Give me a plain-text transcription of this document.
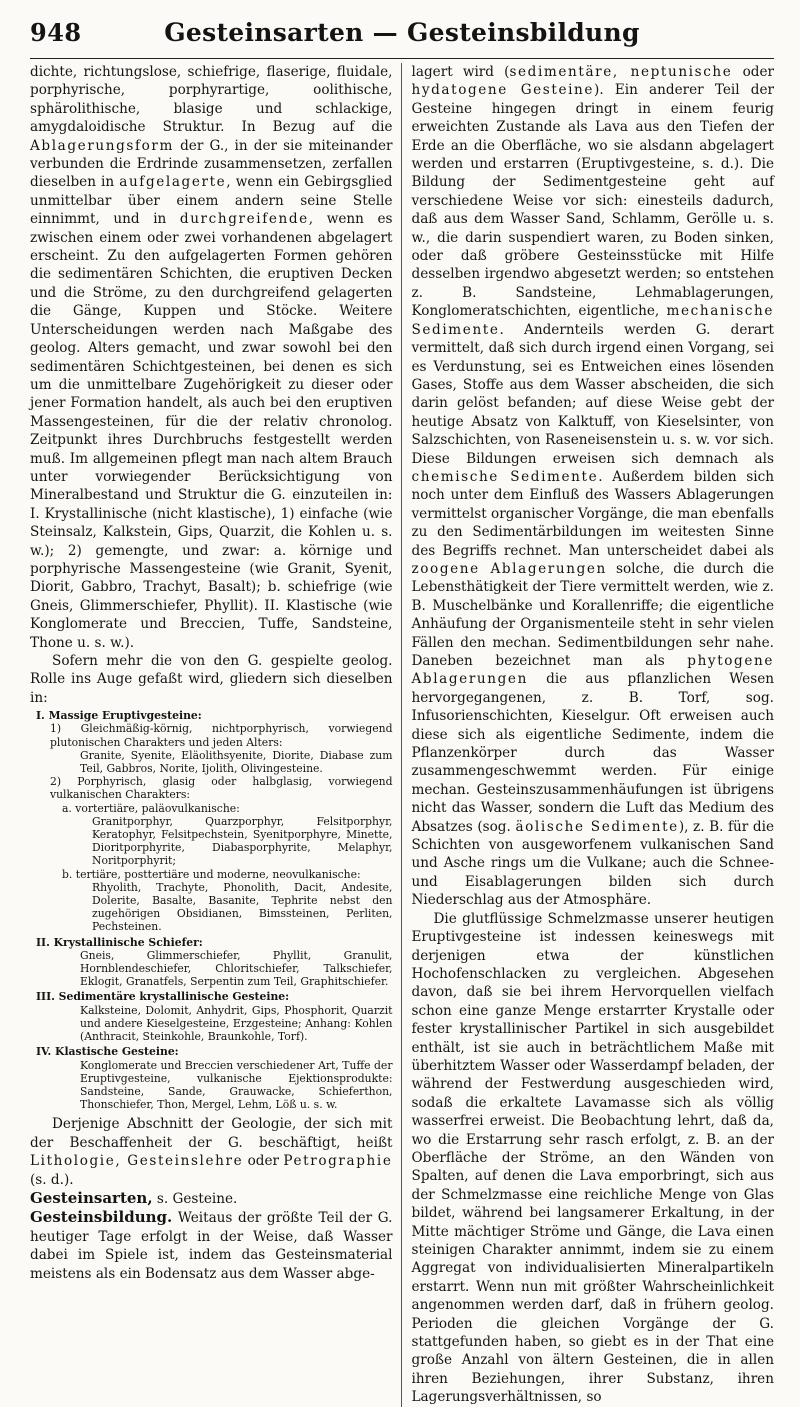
948	Gesteinsarten — Gesteinsbildung

dichte, richtungslose, schiefrige, flaserige, fluidale, porphyrische, porphyrartige, oolithische, sphärolithische, blasige und schlackige, amygdaloidische Struktur. In Bezug auf die Ablagerungsform der G., in der sie miteinander verbunden die Erdrinde zusammensetzen, zerfallen dieselben in aufgelagerte, wenn ein Gebirgsglied unmittelbar über einem andern seine Stelle einnimmt, und in durchgreifende, wenn es zwischen einem oder zwei vorhandenen abgelagert erscheint. Zu den aufgelagerten Formen gehören die sedimentären Schichten, die eruptiven Decken und die Ströme, zu den durchgreifend gelagerten die Gänge, Kuppen und Stöcke. Weitere Unterscheidungen werden nach Maßgabe des geolog. Alters gemacht, und zwar sowohl bei den sedimentären Schichtgesteinen, bei denen es sich um die unmittelbare Zugehörigkeit zu dieser oder jener Formation handelt, als auch bei den eruptiven Massengesteinen, für die der relativ chronolog. Zeitpunkt ihres Durchbruchs festgestellt werden muß. Im allgemeinen pflegt man nach altem Brauch unter vorwiegender Berücksichtigung von Mineralbestand und Struktur die G. einzuteilen in: I. Krystallinische (nicht klastische), 1) einfache (wie Steinsalz, Kalkstein, Gips, Quarzit, die Kohlen u. s. w.); 2) gemengte, und zwar: a. körnige und porphyrische Massengesteine (wie Granit, Syenit, Diorit, Gabbro, Trachyt, Basalt); b. schiefrige (wie Gneis, Glimmerschiefer, Phyllit). II. Klastische (wie Konglomerate und Breccien, Tuffe, Sandsteine, Thone u. s. w.).

Sofern mehr die von den G. gespielte geolog. Rolle ins Auge gefaßt wird, gliedern sich dieselben in:

I. Massige Eruptivgesteine:
1) Gleichmäßig-körnig, nichtporphyrisch, vorwiegend plutonischen Charakters und jeden Alters:
Granite, Syenite, Eläolithsyenite, Diorite, Diabase zum Teil, Gabbros, Norite, Ijolith, Olivingesteine.
2) Porphyrisch, glasig oder halbglasig, vorwiegend vulkanischen Charakters:
a. vortertiäre, paläovulkanische:
Granitporphyr, Quarzporphyr, Felsitporphyr, Keratophyr, Felsitpechstein, Syenitporphyre, Minette, Dioritporphyrite, Diabasporphyrite, Melaphyr, Noritporphyrit;
b. tertiäre, posttertiäre und moderne, neovulkanische:
Rhyolith, Trachyte, Phonolith, Dacit, Andesite, Dolerite, Basalte, Basanite, Tephrite nebst den zugehörigen Obsidianen, Bimssteinen, Perliten, Pechsteinen.
II. Krystallinische Schiefer:
Gneis, Glimmerschiefer, Phyllit, Granulit, Hornblendeschiefer, Chloritschiefer, Talkschiefer, Eklogit, Granatfels, Serpentin zum Teil, Graphitschiefer.
III. Sedimentäre krystallinische Gesteine:
Kalksteine, Dolomit, Anhydrit, Gips, Phosphorit, Quarzit und andere Kieselgesteine, Erzgesteine; Anhang: Kohlen (Anthracit, Steinkohle, Braunkohle, Torf).
IV. Klastische Gesteine:
Konglomerate und Breccien verschiedener Art, Tuffe der Eruptivgesteine, vulkanische Ejektionsprodukte: Sandsteine, Sande, Grauwacke, Schieferthon, Thonschiefer, Thon, Mergel, Lehm, Löß u. s. w.

Derjenige Abschnitt der Geologie, der sich mit der Beschaffenheit der G. beschäftigt, heißt Lithologie, Gesteinslehre oder Petrographie (s. d.).

Gesteinsarten, s. Gesteine.

Gesteinsbildung. Weitaus der größte Teil der G. heutiger Tage erfolgt in der Weise, daß Wasser dabei im Spiele ist, indem das Gesteinsmaterial meistens als ein Bodensatz aus dem Wasser abge-

lagert wird (sedimentäre, neptunische oder hydatogene Gesteine). Ein anderer Teil der Gesteine hingegen dringt in einem feurig erweichten Zustande als Lava aus den Tiefen der Erde an die Oberfläche, wo sie alsdann abgelagert werden und erstarren (Eruptivgesteine, s. d.). Die Bildung der Sedimentgesteine geht auf verschiedene Weise vor sich: einesteils dadurch, daß aus dem Wasser Sand, Schlamm, Gerölle u. s. w., die darin suspendiert waren, zu Boden sinken, oder daß gröbere Gesteinsstücke mit Hilfe desselben irgendwo abgesetzt werden; so entstehen z. B. Sandsteine, Lehmablagerungen, Konglomeratschichten, eigentliche, mechanische Sedimente. Andernteils werden G. derart vermittelt, daß sich durch irgend einen Vorgang, sei es Verdunstung, sei es Entweichen eines lösenden Gases, Stoffe aus dem Wasser abscheiden, die sich darin gelöst befanden; auf diese Weise gebt der heutige Absatz von Kalktuff, von Kieselsinter, von Salzschichten, von Raseneisenstein u. s. w. vor sich. Diese Bildungen erweisen sich demnach als chemische Sedimente. Außerdem bilden sich noch unter dem Einfluß des Wassers Ablagerungen vermittelst organischer Vorgänge, die man ebenfalls zu den Sedimentärbildungen im weitesten Sinne des Begriffs rechnet. Man unterscheidet dabei als zoogene Ablagerungen solche, die durch die Lebensthätigkeit der Tiere vermittelt werden, wie z. B. Muschelbänke und Korallenriffe; die eigentliche Anhäufung der Organismenteile steht in sehr vielen Fällen den mechan. Sedimentbildungen sehr nahe. Daneben bezeichnet man als phytogene Ablagerungen die aus pflanzlichen Wesen hervorgegangenen, z. B. Torf, sog. Infusorienschichten, Kieselgur. Oft erweisen auch diese sich als eigentliche Sedimente, indem die Pflanzenkörper durch das Wasser zusammengeschwemmt werden. Für einige mechan. Gesteinszusammenhäufungen ist übrigens nicht das Wasser, sondern die Luft das Medium des Absatzes (sog. äolische Sedimente), z. B. für die Schichten von ausgeworfenem vulkanischen Sand und Asche rings um die Vulkane; auch die Schnee- und Eisablagerungen bilden sich durch Niederschlag aus der Atmosphäre.

Die glutflüssige Schmelzmasse unserer heutigen Eruptivgesteine ist indessen keineswegs mit derjenigen etwa der künstlichen Hochofenschlacken zu vergleichen. Abgesehen davon, daß sie bei ihrem Hervorquellen vielfach schon eine ganze Menge erstarrter Krystalle oder fester krystallinischer Partikel in sich ausgebildet enthält, ist sie auch in beträchtlichem Maße mit überhitztem Wasser oder Wasserdampf beladen, der während der Festwerdung ausgeschieden wird, sodaß die erkaltete Lavamasse sich als völlig wasserfrei erweist. Die Beobachtung lehrt, daß da, wo die Erstarrung sehr rasch erfolgt, z. B. an der Oberfläche der Ströme, an den Wänden von Spalten, auf denen die Lava emporbringt, sich aus der Schmelzmasse eine reichliche Menge von Glas bildet, während bei langsamerer Erkaltung, in der Mitte mächtiger Ströme und Gänge, die Lava einen steinigen Charakter annimmt, indem sie zu einem Aggregat von individualisierten Mineralpartikeln erstarrt. Wenn nun mit größter Wahrscheinlichkeit angenommen werden darf, daß in frühern geolog. Perioden die gleichen Vorgänge der G. stattgefunden haben, so giebt es in der That eine große Anzahl von ältern Gesteinen, die in allen ihren Beziehungen, ihrer Substanz, ihren Lagerungsverhältnissen, so
